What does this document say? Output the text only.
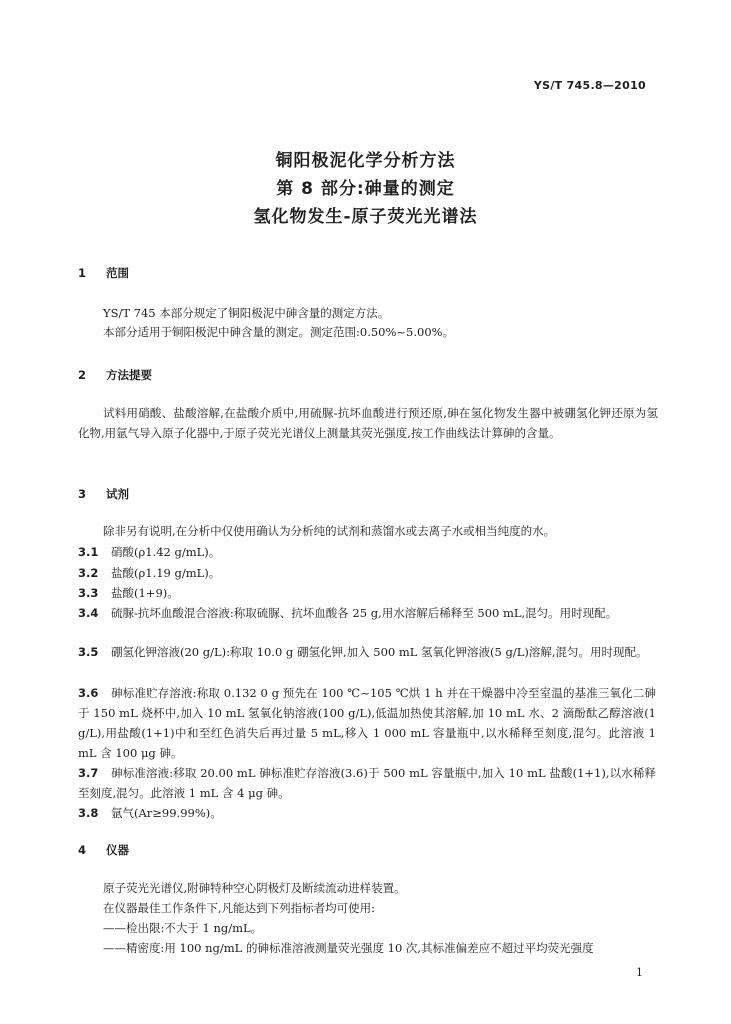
YS/T 745.8—2010
铜阳极泥化学分析方法
第 8 部分:砷量的测定
氢化物发生-原子荧光光谱法
1 范围
YS/T 745 本部分规定了铜阳极泥中砷含量的测定方法。
本部分适用于铜阳极泥中砷含量的测定。测定范围:0.50%~5.00%。
2 方法提要
试料用硝酸、盐酸溶解,在盐酸介质中,用硫脲-抗坏血酸进行预还原,砷在氢化物发生器中被硼氢化钾还原为氢化物,用氩气导入原子化器中,于原子荧光光谱仪上测量其荧光强度,按工作曲线法计算砷的含量。
3 试剂
除非另有说明,在分析中仅使用确认为分析纯的试剂和蒸馏水或去离子水或相当纯度的水。
3.1 硝酸(ρ1.42 g/mL)。
3.2 盐酸(ρ1.19 g/mL)。
3.3 盐酸(1+9)。
3.4 硫脲-抗坏血酸混合溶液:称取硫脲、抗坏血酸各 25 g,用水溶解后稀释至 500 mL,混匀。用时现配。
3.5 硼氢化钾溶液(20 g/L):称取 10.0 g 硼氢化钾,加入 500 mL 氢氧化钾溶液(5 g/L)溶解,混匀。用时现配。
3.6 砷标准贮存溶液:称取 0.132 0 g 预先在 100 ℃~105 ℃烘 1 h 并在干燥器中冷至室温的基准三氧化二砷于 150 mL 烧杯中,加入 10 mL 氢氧化钠溶液(100 g/L),低温加热使其溶解,加 10 mL 水、2 滴酚酞乙醇溶液(1 g/L),用盐酸(1+1)中和至红色消失后再过量 5 mL,移入 1 000 mL 容量瓶中,以水稀释至刻度,混匀。此溶液 1 mL 含 100 μg 砷。
3.7 砷标准溶液:移取 20.00 mL 砷标准贮存溶液(3.6)于 500 mL 容量瓶中,加入 10 mL 盐酸(1+1),以水稀释至刻度,混匀。此溶液 1 mL 含 4 μg 砷。
3.8 氩气(Ar≥99.99%)。
4 仪器
原子荧光光谱仪,附砷特种空心阴极灯及断续流动进样装置。
在仪器最佳工作条件下,凡能达到下列指标者均可使用:
——检出限:不大于 1 ng/mL。
——精密度:用 100 ng/mL 的砷标准溶液测量荧光强度 10 次,其标准偏差应不超过平均荧光强度
1
